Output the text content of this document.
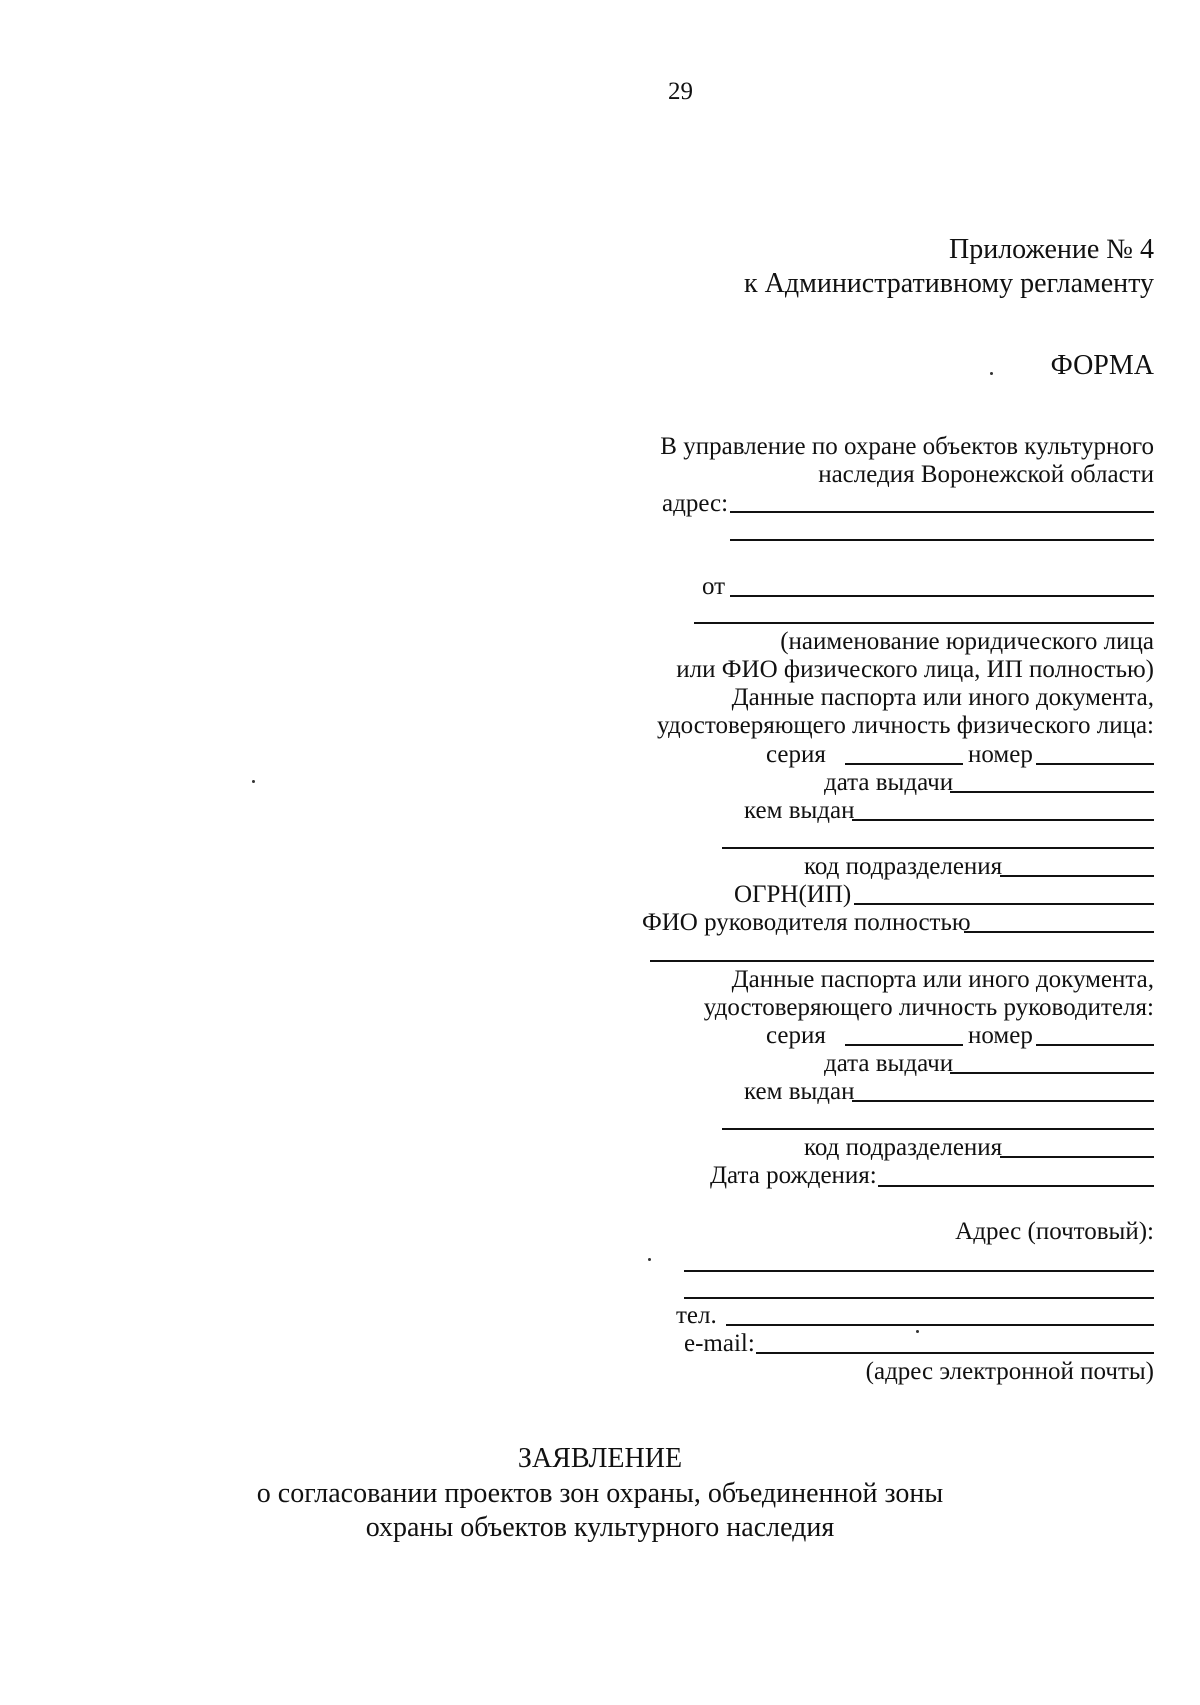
29
Приложение № 4
к Административному регламенту
ФОРМА
В управление по охране объектов культурного
наследия Воронежской области
адрес:
от
(наименование юридического лица
или ФИО физического лица, ИП полностью)
Данные паспорта или иного документа,
удостоверяющего личность физического лица:
серия	номер
дата выдачи
кем выдан
код подразделения
ОГРН(ИП)
ФИО руководителя полностью
Данные паспорта или иного документа,
удостоверяющего личность руководителя:
серия	номер
дата выдачи
кем выдан
код подразделения
Дата рождения:
Адрес (почтовый):
тел.
e-mail:
(адрес электронной почты)
ЗАЯВЛЕНИЕ
о согласовании проектов зон охраны, объединенной зоны
охраны объектов культурного наследия
